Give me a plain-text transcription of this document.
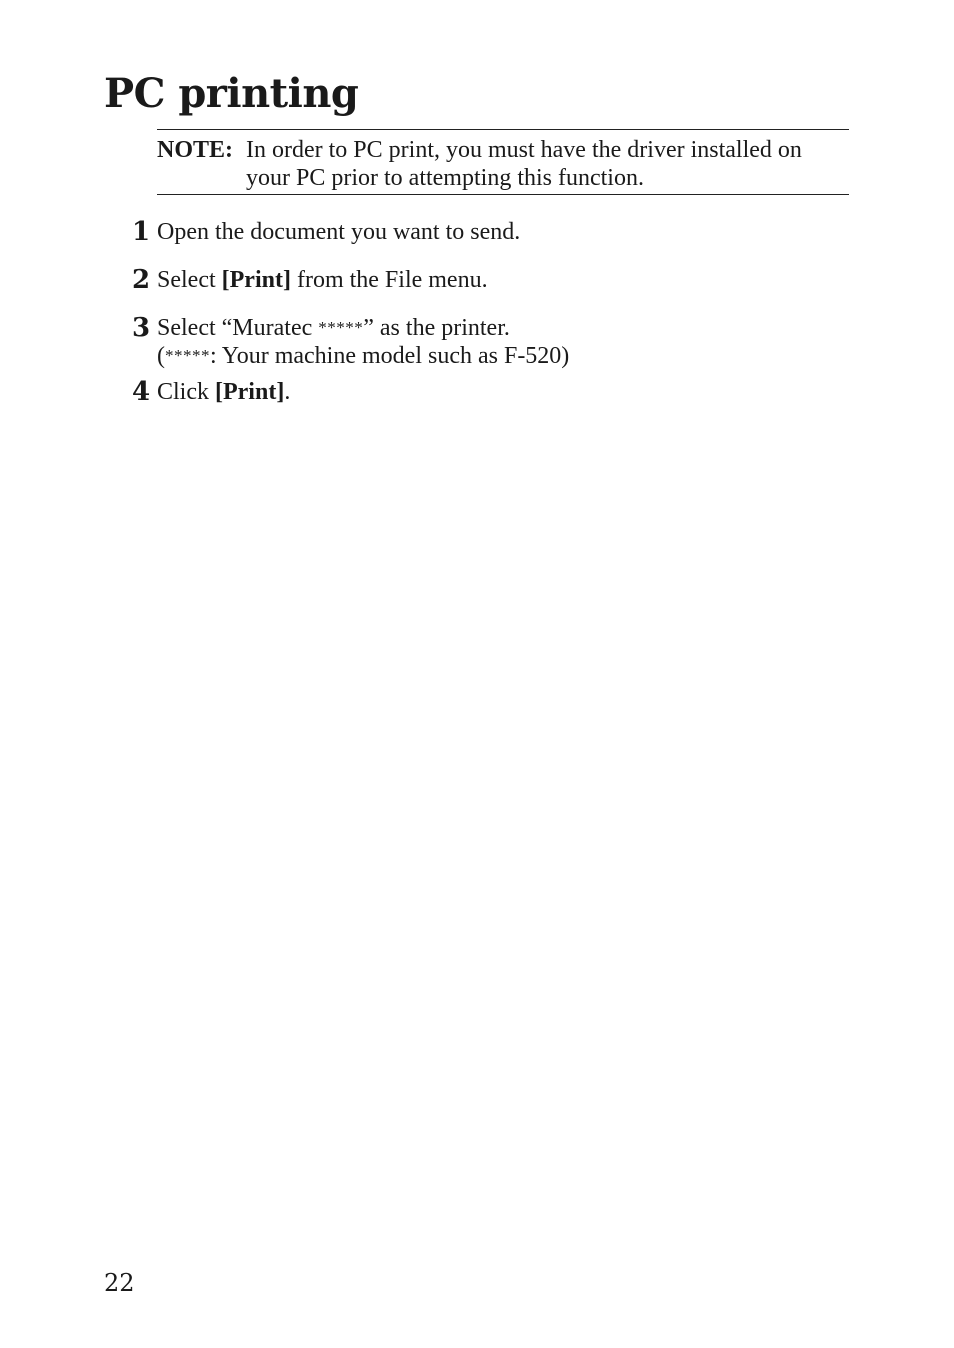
PC printing
NOTE: In order to PC print, you must have the driver installed on your PC prior to attempting this function.
1 Open the document you want to send.
2 Select [Print] from the File menu.
3 Select “Muratec *****” as the printer.
(*****: Your machine model such as F-520)
4 Click [Print].
22
